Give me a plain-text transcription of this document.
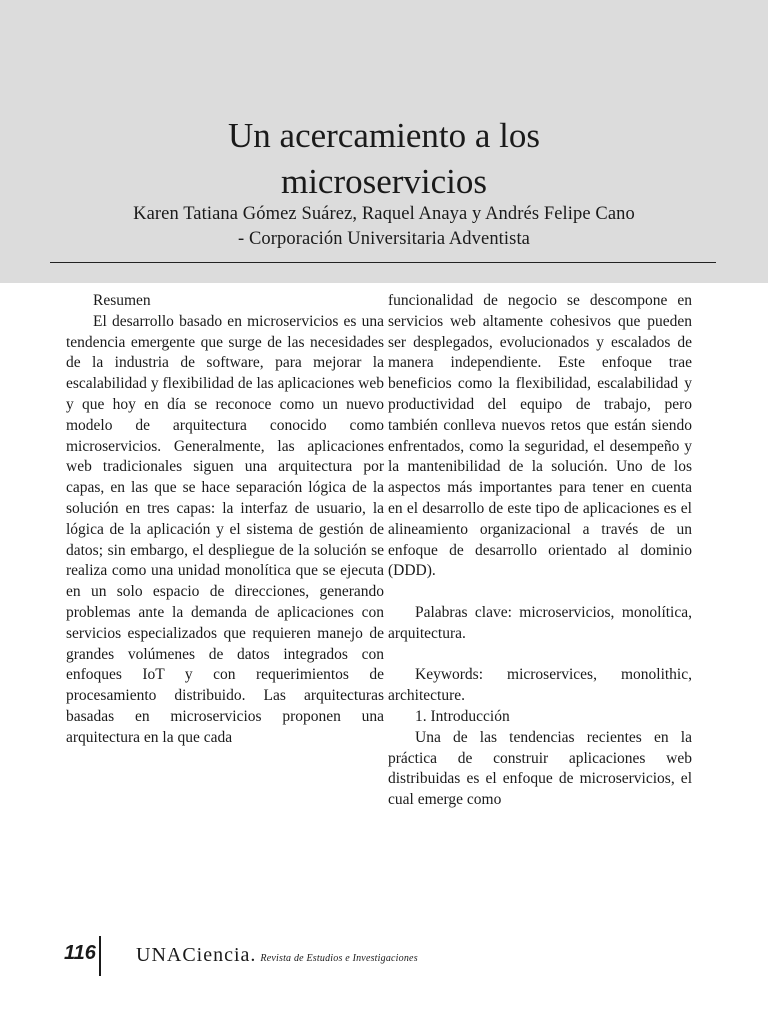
Un acercamiento a los
microservicios
Karen Tatiana Gómez Suárez, Raquel Anaya y Andrés Felipe Cano
- Corporación Universitaria Adventista

Resumen

El desarrollo basado en microservicios es una tendencia emergente que surge de las necesidades de la industria de software, para mejorar la escalabilidad y flexibilidad de las aplicaciones web y que hoy en día se reconoce como un nuevo modelo de arquitectura conocido como microservicios. Generalmente, las aplicaciones web tradicionales siguen una arquitectura por capas, en las que se hace separación lógica de la solución en tres capas: la interfaz de usuario, la lógica de la aplicación y el sistema de gestión de datos; sin embargo, el despliegue de la solución se realiza como una unidad monolítica que se ejecuta en un solo espacio de direcciones, generando problemas ante la demanda de aplicaciones con servicios especializados que requieren manejo de grandes volúmenes de datos integrados con enfoques IoT y con requerimientos de procesamiento distribuido. Las arquitecturas basadas en microservicios proponen una arquitectura en la que cada

funcionalidad de negocio se descompone en servicios web altamente cohesivos que pueden ser desplegados, evolucionados y escalados de manera independiente. Este enfoque trae beneficios como la flexibilidad, escalabilidad y productividad del equipo de trabajo, pero también conlleva nuevos retos que están siendo enfrentados, como la seguridad, el desempeño y la mantenibilidad de la solución. Uno de los aspectos más importantes para tener en cuenta en el desarrollo de este tipo de aplicaciones es el alineamiento organizacional a través de un enfoque de desarrollo orientado al dominio (DDD).

Palabras clave: microservicios, monolítica, arquitectura.

Keywords: microservices, monolithic, architecture.

1. Introducción

Una de las tendencias recientes en la práctica de construir aplicaciones web distribuidas es el enfoque de microservicios, el cual emerge como

116 UNACiencia. Revista de Estudios e Investigaciones
